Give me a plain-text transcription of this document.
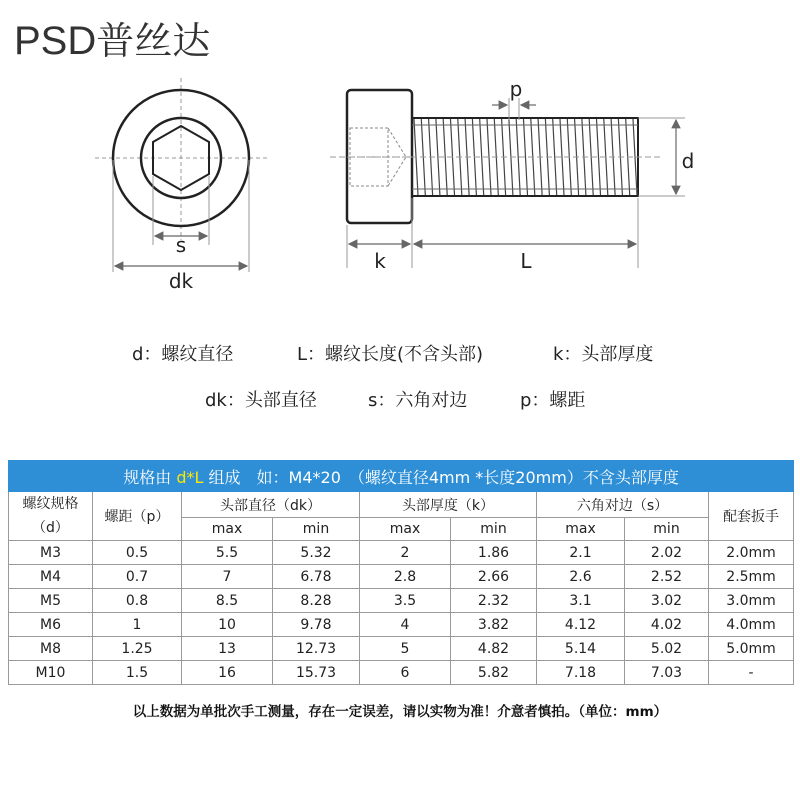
PSD普丝达
s
dk
p
d
k	L
d：螺纹直径	L：螺纹长度(不含头部)	k：头部厚度
dk：头部直径	s：六角对边	p：螺距
规格由 d*L 组成　如：M4*20　（螺纹直径4mm *长度20mm）不含头部厚度								
螺纹规格（d）	螺距（p）	头部直径（dk）		头部厚度（k）		六角对边（s）		配套扳手
		max	min	max	min	max	min	
M3	0.5	5.5	5.32	2	1.86	2.1	2.02	2.0mm
M4	0.7	7	6.78	2.8	2.66	2.6	2.52	2.5mm
M5	0.8	8.5	8.28	3.5	2.32	3.1	3.02	3.0mm
M6	1	10	9.78	4	3.82	4.12	4.02	4.0mm
M8	1.25	13	12.73	5	4.82	5.14	5.02	5.0mm
M10	1.5	16	15.73	6	5.82	7.18	7.03	-
以上数据为单批次手工测量，存在一定误差，请以实物为准！介意者慎拍。（单位：mm）
